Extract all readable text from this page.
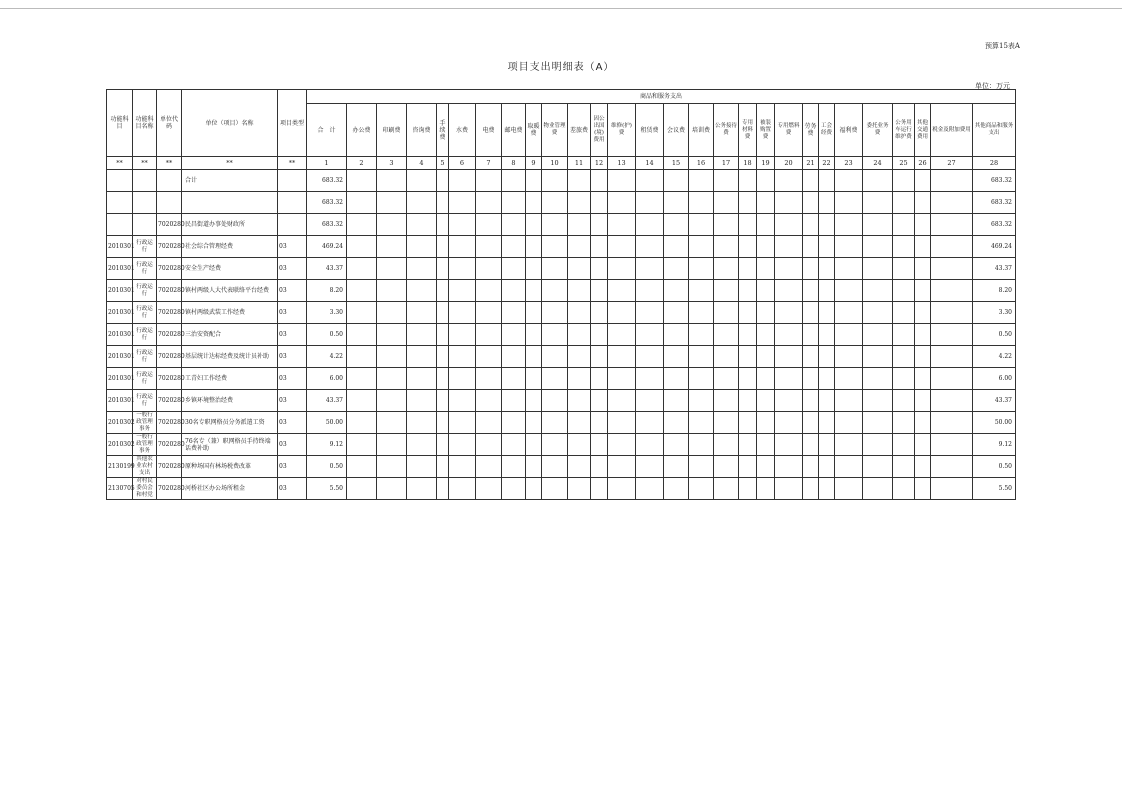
预算15表A
项目支出明细表（A）
单位：万元
功能科目	功能科目名称	单位代码	单位（项目）名称	项目类型	商品和服务支出																											
					合　计	办公费	印刷费	咨询费	手续费	水费	电费	邮电费	取暖费	物业管理费	差旅费	因公出国(境)费用	维修(护)费	租赁费	会议费	培训费	公务接待费	专用材料费	被装购置费	专用燃料费	劳务费	工会经费	福利费	委托业务费	公务用车运行维护费	其他交通费用	税金及附加费用	其他商品和服务支出
**	**	**	**	**	1	2	3	4	5	6	7	8	9	10	11	12	13	14	15	16	17	18	19	20	21	22	23	24	25	26	27	28
			合计		683.32																											683.32
					683.32																											683.32
		7020280	民昌街道办事处财政所		683.32																											683.32
2010301	行政运行	7020280	社会综合管理经费	03	469.24																											469.24
2010301	行政运行	7020280	安全生产经费	03	43.37																											43.37
2010301	行政运行	7020280	镇村两级人大代表联络平台经费	03	8.20																											8.20
2010301	行政运行	7020280	镇村两级武装工作经费	03	3.30																											3.30
2010301	行政运行	7020280	三治安资配合	03	0.50																											0.50
2010301	行政运行	7020280	基层统计达标经费及统计员补助	03	4.22																											4.22
2010301	行政运行	7020280	工青妇工作经费	03	6.00																											6.00
2010301	行政运行	7020280	乡镇环境整治经费	03	43.37																											43.37
2010302	一般行政管理事务	7020280	30名专职网格员分务派遣工资	03	50.00																											50.00
2010302	一般行政管理事务	7020280	76名专（兼）职网格员手持终端话费补助	03	9.12																											9.12
2130199	其他农业农村支出	7020280	原种场国有林场税费改革	03	0.50																											0.50
2130705	对村民委员会和村党	7020280	河桥社区办公场所租金	03	5.50																											5.50
